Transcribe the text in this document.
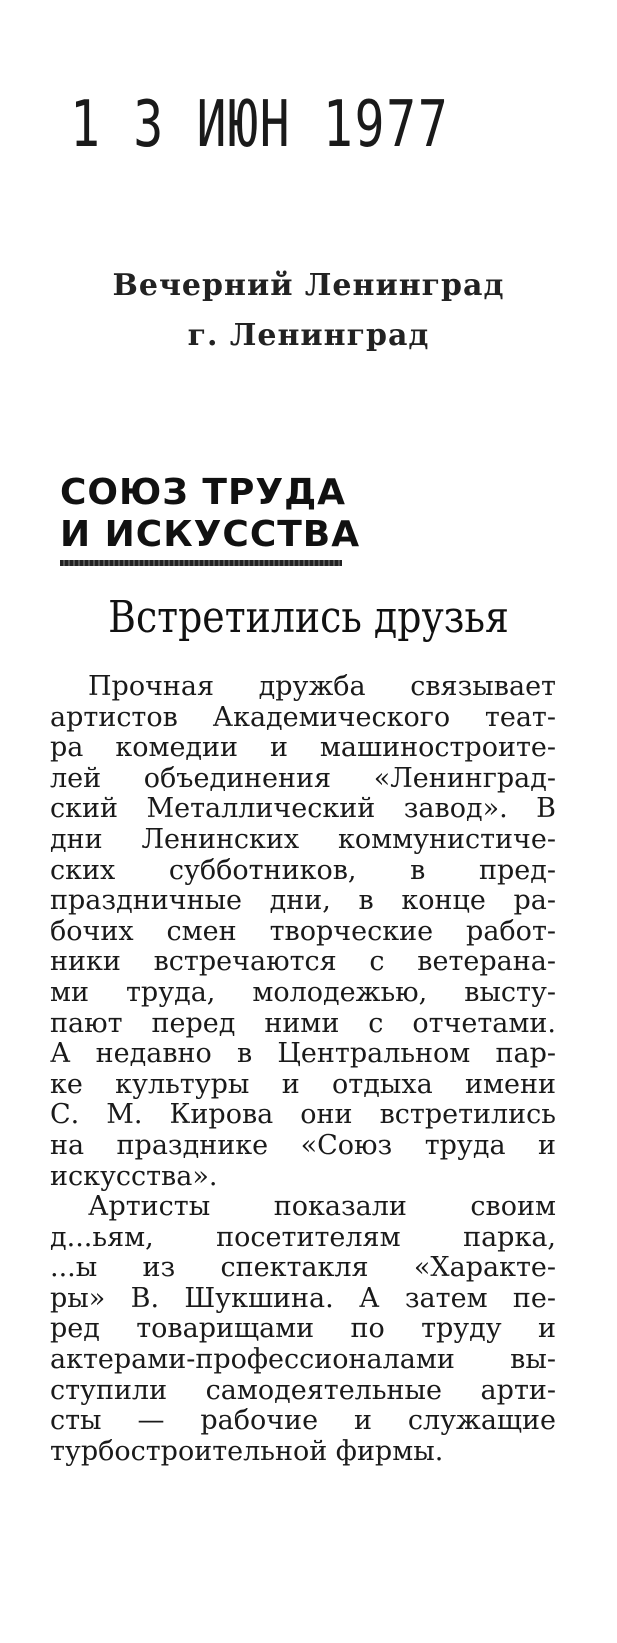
1 3 ИЮН 1977
Вечерний Ленинград
г. Ленинград
СОЮЗ ТРУДА
И ИСКУССТВА
Встретились друзья
Прочная дружба связывает
артистов Академического теат-
ра комедии и машиностроите-
лей объединения «Ленинград-
ский Металлический завод». В
дни Ленинских коммунистиче-
ских субботников, в пред-
праздничные дни, в конце ра-
бочих смен творческие работ-
ники встречаются с ветерана-
ми труда, молодежью, высту-
пают перед ними с отчетами.
А недавно в Центральном пар-
ке культуры и отдыха имени
С. М. Кирова они встретились
на празднике «Союз труда и
искусства».
Артисты показали своим
д...ьям, посетителям парка,
...ы из спектакля «Характе-
ры» В. Шукшина. А затем пе-
ред товарищами по труду и
актерами-профессионалами вы-
ступили самодеятельные арти-
сты — рабочие и служащие
турбостроительной фирмы.
